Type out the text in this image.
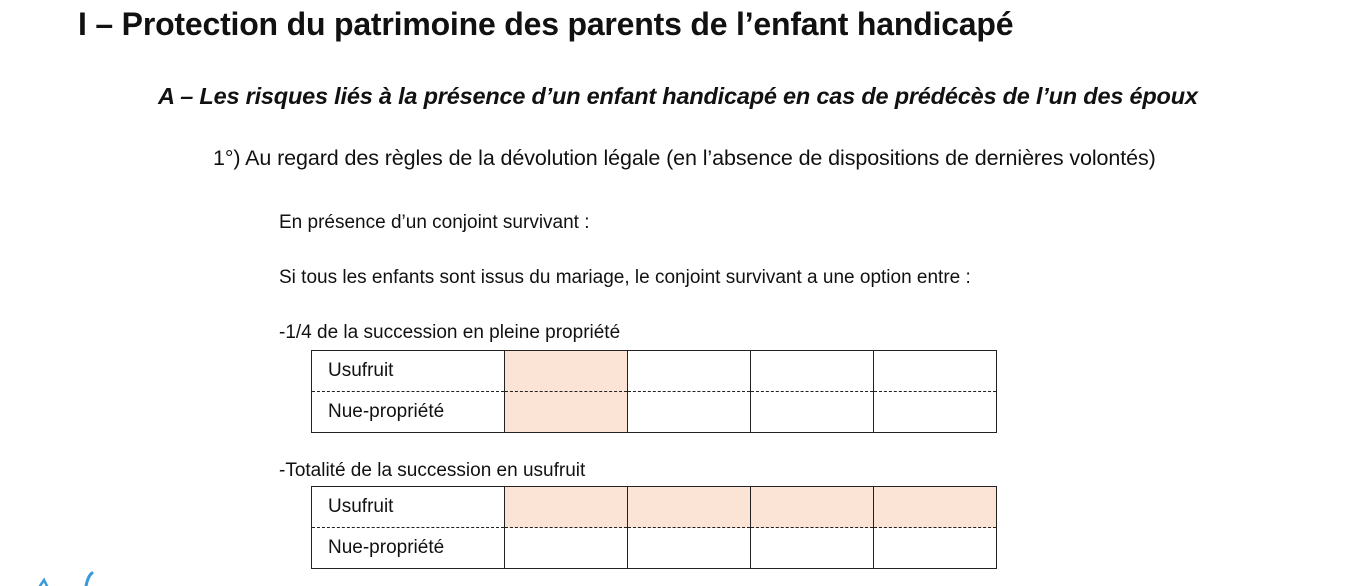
I – Protection du patrimoine des parents de l’enfant handicapé
A – Les risques liés à la présence d’un enfant handicapé en cas de prédécès de l’un des époux
1°) Au regard des règles de la dévolution légale (en l’absence de dispositions de dernières volontés)
En présence d’un conjoint survivant :
Si tous les enfants sont issus du mariage, le conjoint survivant a une option entre :
-1/4 de la succession en pleine propriété
Usufruit				
Nue-propriété				
-Totalité de la succession en usufruit
Usufruit				
Nue-propriété				
